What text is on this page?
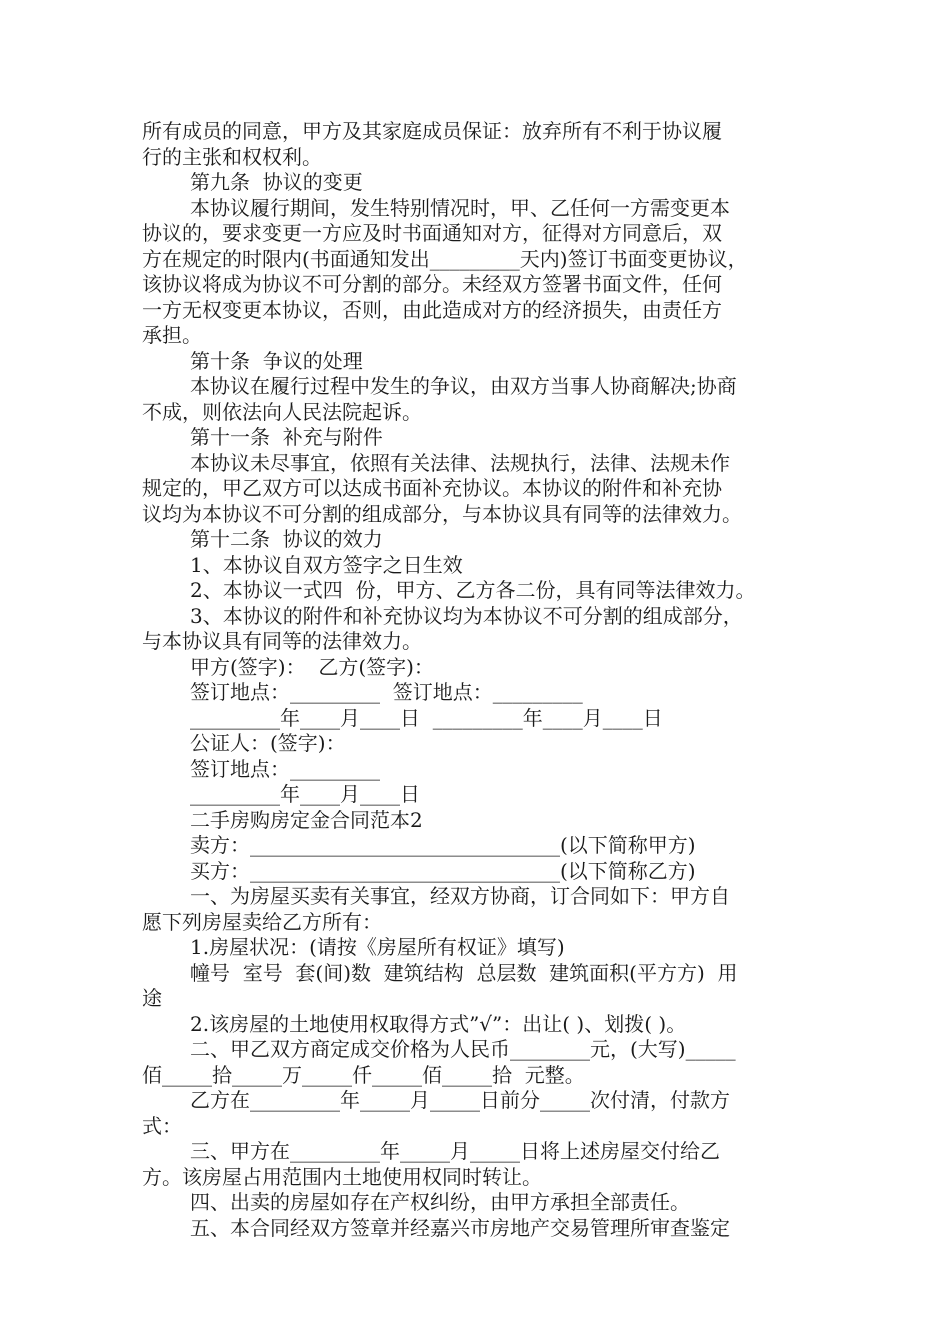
所有成员的同意，甲方及其家庭成员保证：放弃所有不利于协议履
行的主张和权权利。
第九条  协议的变更
本协议履行期间，发生特别情况时，甲、乙任何一方需变更本
协议的，要求变更一方应及时书面通知对方，征得对方同意后，双
方在规定的时限内(书面通知发出_________天内)签订书面变更协议，
该协议将成为协议不可分割的部分。未经双方签署书面文件，任何
一方无权变更本协议，否则，由此造成对方的经济损失，由责任方
承担。
第十条  争议的处理
本协议在履行过程中发生的争议，由双方当事人协商解决;协商
不成，则依法向人民法院起诉。
第十一条  补充与附件
本协议未尽事宜，依照有关法律、法规执行，法律、法规未作
规定的，甲乙双方可以达成书面补充协议。本协议的附件和补充协
议均为本协议不可分割的组成部分，与本协议具有同等的法律效力。
第十二条  协议的效力
1、本协议自双方签字之日生效
2、本协议一式四  份，甲方、乙方各二份，具有同等法律效力。
3、本协议的附件和补充协议均为本协议不可分割的组成部分，
与本协议具有同等的法律效力。
甲方(签字)：  乙方(签字)：
签订地点：_________  签订地点：_________
_________年____月____日  _________年____月____日
公证人：(签字)：
签订地点：_________
_________年____月____日
二手房购房定金合同范本2
卖方：_______________________________(以下简称甲方)
买方：_______________________________(以下简称乙方)
一、为房屋买卖有关事宜，经双方协商，订合同如下：甲方自
愿下列房屋卖给乙方所有：
1.房屋状况：(请按《房屋所有权证》填写)
幢号  室号  套(间)数  建筑结构  总层数  建筑面积(平方方)  用
途
2.该房屋的土地使用权取得方式”√”：出让( )、划拨( )。
二、甲乙双方商定成交价格为人民币________元，(大写)_____
佰_____拾_____万_____仟_____佰_____拾  元整。
乙方在_________年_____月_____日前分_____次付清，付款方
式：
三、甲方在_________年_____月_____日将上述房屋交付给乙
方。该房屋占用范围内土地使用权同时转让。
四、出卖的房屋如存在产权纠纷，由甲方承担全部责任。
五、本合同经双方签章并经嘉兴市房地产交易管理所审查鉴定
